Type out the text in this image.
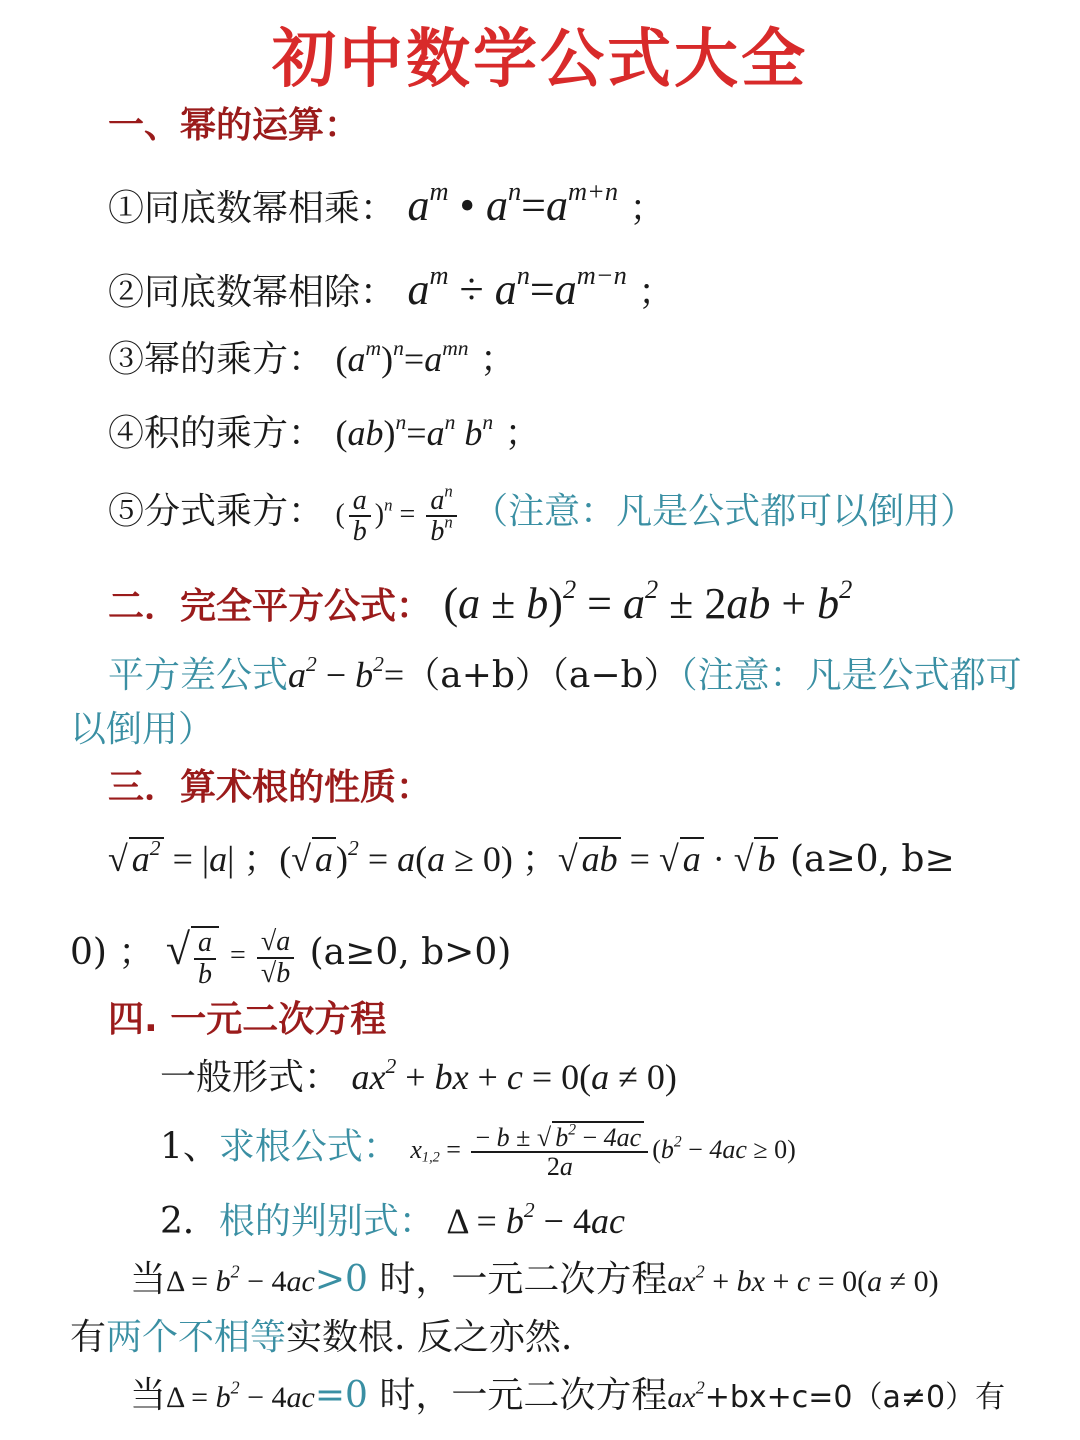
初中数学公式大全
一、幂的运算：
①同底数幂相乘： $a^m$ • $a^n=a^{m+n}$ ；
②同底数幂相除： $a^m \div a^n=a^{m-n}$ ；
③幂的乘方： $(a^m)^n=a^{mn}$ ；
④积的乘方： $(ab)^n=a^n$ $b^n$ ；
⑤分式乘方： ( $\frac{a}{b} )^n = \frac{a^n}{b^n}$ （注意：凡是公式都可以倒用）
二．完全平方公式： $(a \pm b)^2 = a^2 \pm 2ab + b^2$
平方差公式$a^2 - b^2=(a+b)(a-b)$（注意：凡是公式都可
以倒用）
三．算术根的性质：
√ $a^2 = |a|$ ；(√ a)$^2$ = a(a ≥ 0) ；√ ab = √ a · √ b (a≥0, b≥
0) ； √ $\frac{a}{b} = \frac{√a}{√b} (a\ge 0$, b>0)
四. 一元二次方程
一般形式： $ax^2$ + bx + c = 0(a ≠ 0)
1、求根公式： $x_{1,2} = \frac{- b \pm √ b^2 - 4ac}{2a} (b^2 - 4ac \ge 0)$
2．根的判别式： $\Delta = b^2 - 4ac$
当$\Delta = b^2 - 4ac>0$ 时，一元二次方程$ax^2$ + bx + c = 0(a ≠ 0)
有两个不相等实数根. 反之亦然.
当$\Delta = b^2 - 4ac=0$ 时，一元二次方程$ax^2+bx+c=0(a\ne 0)$有
